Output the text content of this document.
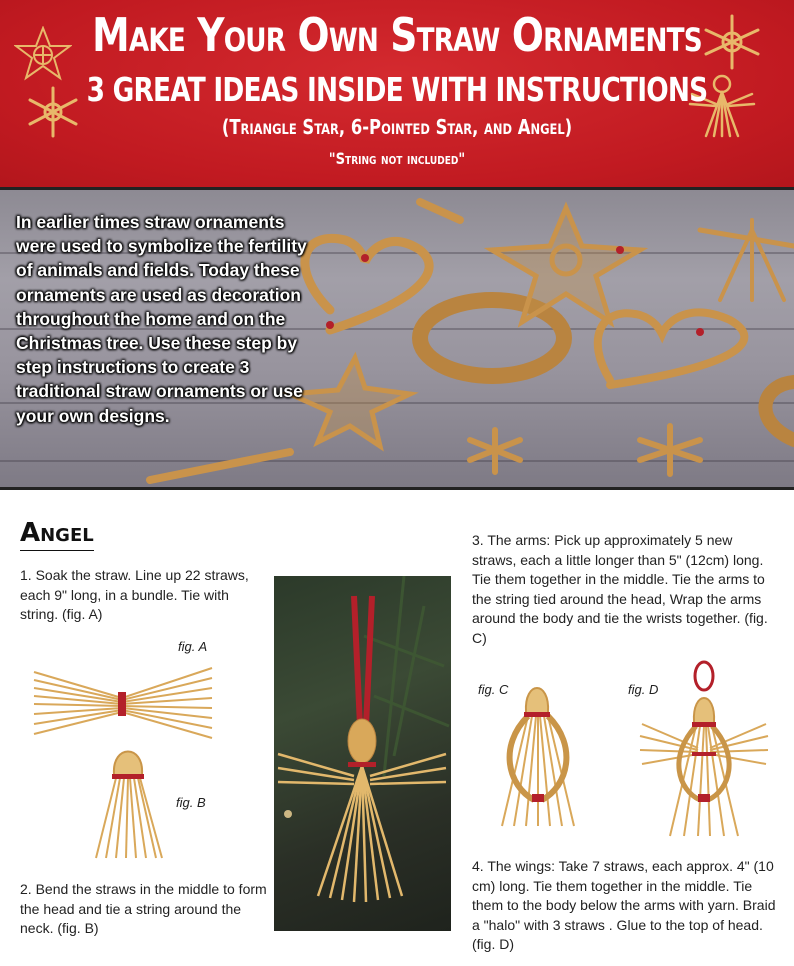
Make Your Own Straw Ornaments
3 GREAT IDEAS INSIDE WITH INSTRUCTIONS
(Triangle Star, 6-Pointed Star, and Angel)
"String not included"
In earlier times straw ornaments were used to symbolize the fertility of animals and fields. Today these ornaments are used as decoration throughout the home and on the Christmas tree. Use these step by step instructions to create 3 traditional straw ornaments or use your own designs.
Angel
1. Soak the straw. Line up 22 straws, each 9" long, in a bundle. Tie with string. (fig. A)
fig. A
fig. B
2. Bend the straws in the middle to form the head and tie a string around the neck. (fig. B)
3. The arms: Pick up approximately 5 new straws, each a little longer than 5" (12cm) long. Tie them together in the middle. Tie the arms to the string tied around the head, Wrap the arms around the body and tie the wrists together. (fig. C)
fig. C	fig. D
4. The wings: Take 7 straws, each approx. 4" (10 cm) long. Tie them together in the middle. Tie them to the body below the arms with yarn. Braid a "halo" with 3 straws . Glue to the top of head. (fig. D)
